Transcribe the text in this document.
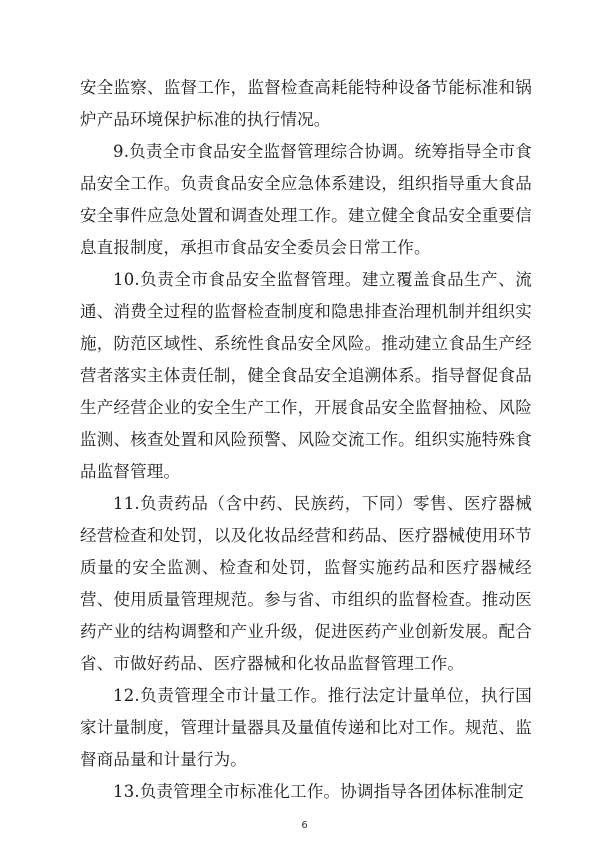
安全监察、监督工作，监督检查高耗能特种设备节能标准和锅炉产品环境保护标准的执行情况。

9.负责全市食品安全监督管理综合协调。统筹指导全市食品安全工作。负责食品安全应急体系建设，组织指导重大食品安全事件应急处置和调查处理工作。建立健全食品安全重要信息直报制度，承担市食品安全委员会日常工作。

10.负责全市食品安全监督管理。建立覆盖食品生产、流通、消费全过程的监督检查制度和隐患排查治理机制并组织实施，防范区域性、系统性食品安全风险。推动建立食品生产经营者落实主体责任制，健全食品安全追溯体系。指导督促食品生产经营企业的安全生产工作，开展食品安全监督抽检、风险监测、核查处置和风险预警、风险交流工作。组织实施特殊食品监督管理。

11.负责药品（含中药、民族药，下同）零售、医疗器械经营检查和处罚，以及化妆品经营和药品、医疗器械使用环节质量的安全监测、检查和处罚，监督实施药品和医疗器械经营、使用质量管理规范。参与省、市组织的监督检查。推动医药产业的结构调整和产业升级，促进医药产业创新发展。配合省、市做好药品、医疗器械和化妆品监督管理工作。

12.负责管理全市计量工作。推行法定计量单位，执行国家计量制度，管理计量器具及量值传递和比对工作。规范、监督商品量和计量行为。

13.负责管理全市标准化工作。协调指导各团体标准制定

6
